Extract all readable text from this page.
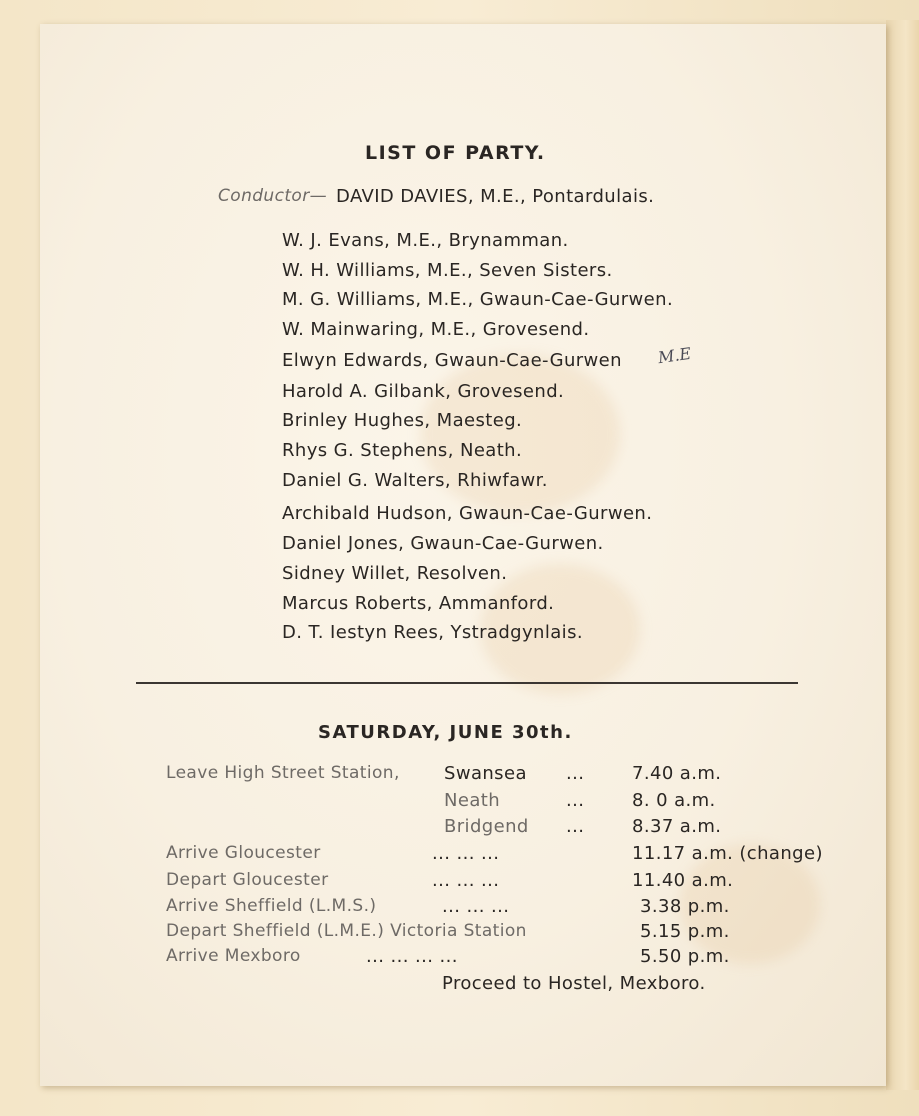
LIST OF PARTY.
Conductor— DAVID DAVIES, M.E., Pontardulais.
W. J. Evans, M.E., Brynamman.
W. H. Williams, M.E., Seven Sisters.
M. G. Williams, M.E., Gwaun-Cae-Gurwen.
W. Mainwaring, M.E., Grovesend.
Elwyn Edwards, Gwaun-Cae-Gurwen
Harold A. Gilbank, Grovesend.
Brinley Hughes, Maesteg.
Rhys G. Stephens, Neath.
Daniel G. Walters, Rhiwfawr.
Archibald Hudson, Gwaun-Cae-Gurwen.
Daniel Jones, Gwaun-Cae-Gurwen.
Sidney Willet, Resolven.
Marcus Roberts, Ammanford.
D. T. Iestyn Rees, Ystradgynlais.
M.E
SATURDAY, JUNE 30th.
Leave High Street Station, Swansea ...	7.40 a.m.
Neath	...	8. 0 a.m.
Bridgend ...	8.37 a.m.
Arrive Gloucester	... ... ...	11.17 a.m. (change)
Depart Gloucester	... ... ...	11.40 a.m.
Arrive Sheffield (L.M.S.)	... ... ...	3.38 p.m.
Depart Sheffield (L.M.E.) Victoria Station	5.15 p.m.
Arrive Mexboro	... ... ... ...	5.50 p.m.
Proceed to Hostel, Mexboro.
